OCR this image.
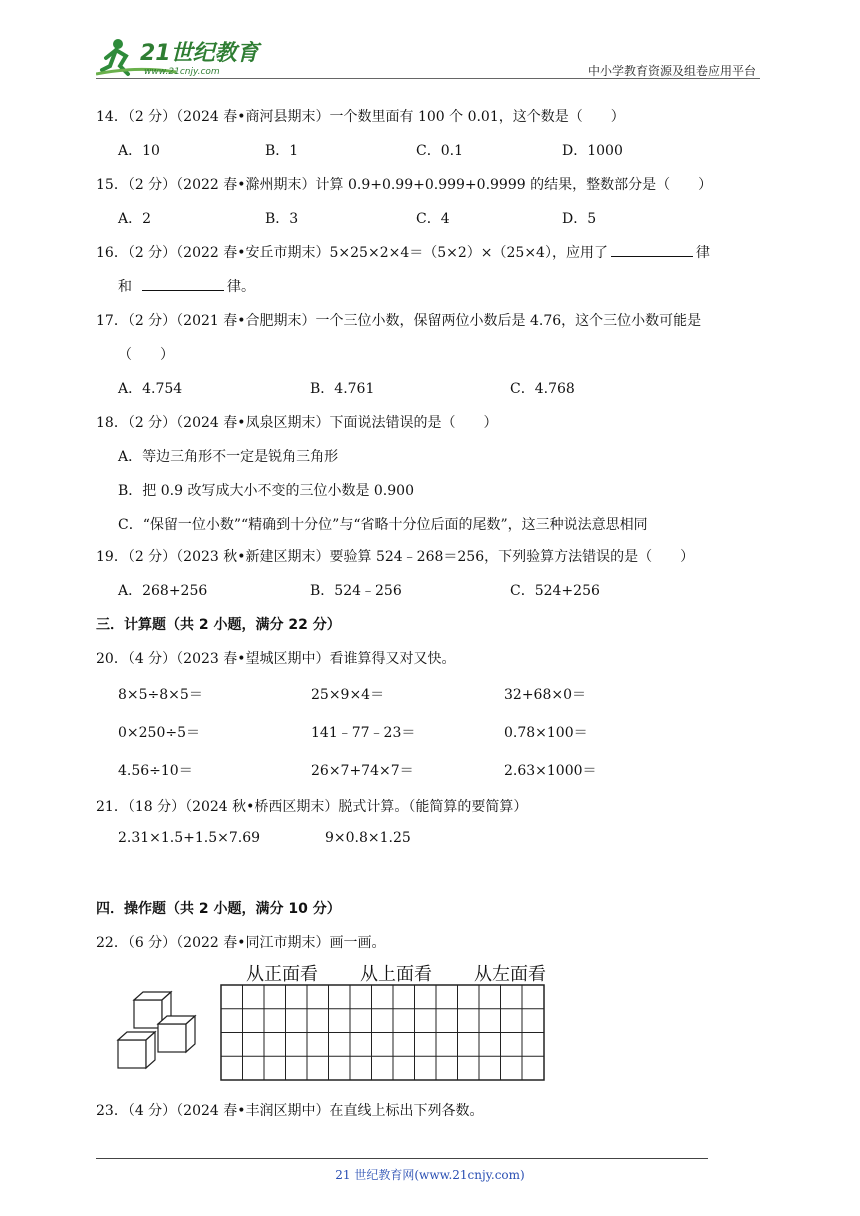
21世纪教育
www.21cnjy.com	中小学教育资源及组卷应用平台
14．（2 分）（2024 春•商河县期末）一个数里面有 100 个 0.01，这个数是（　　）
A．10	B．1	C．0.1	D．1000
15．（2 分）（2022 春•滁州期末）计算 0.9+0.99+0.999+0.9999 的结果，整数部分是（　　）
A．2	B．3	C．4	D．5
16．（2 分）（2022 春•安丘市期末）5×25×2×4＝（5×2）×（25×4），应用了	律
和	律。
17．（2 分）（2021 春•合肥期末）一个三位小数，保留两位小数后是 4.76，这个三位小数可能是
（　　）
A．4.754	B．4.761	C．4.768
18．（2 分）（2024 春•凤泉区期末）下面说法错误的是（　　）
A．等边三角形不一定是锐角三角形
B．把 0.9 改写成大小不变的三位小数是 0.900
C．“保留一位小数”“精确到十分位”与“省略十分位后面的尾数”，这三种说法意思相同
19．（2 分）（2023 秋•新建区期末）要验算 524﹣268＝256，下列验算方法错误的是（　　）
A．268+256	B．524﹣256	C．524+256
三．计算题（共 2 小题，满分 22 分）
20．（4 分）（2023 春•望城区期中）看谁算得又对又快。
8×5÷8×5＝	25×9×4＝	32+68×0＝
0×250÷5＝	141﹣77﹣23＝	0.78×100＝
4.56÷10＝	26×7+74×7＝	2.63×1000＝
21．（18 分）（2024 秋•桥西区期末）脱式计算。（能简算的要简算）
2.31×1.5+1.5×7.69	9×0.8×1.25
四．操作题（共 2 小题，满分 10 分）
22．（6 分）（2022 春•同江市期末）画一画。
从正面看 从上面看 从左面看
23．（4 分）（2024 春•丰润区期中）在直线上标出下列各数。
21 世纪教育网(www.21cnjy.com)
